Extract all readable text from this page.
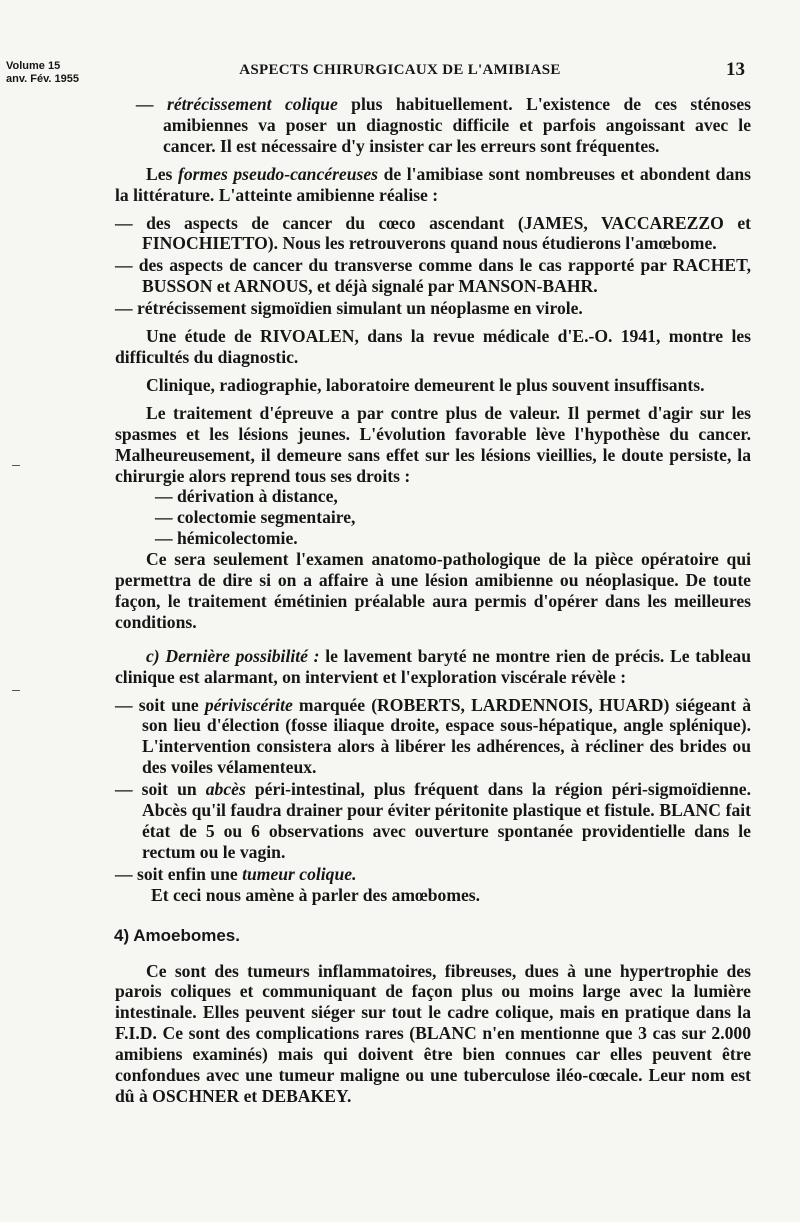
Volume 15
anv. Fév. 1955
ASPECTS CHIRURGICAUX DE L'AMIBIASE	13
— rétrécissement colique plus habituellement. L'existence de ces sténoses amibiennes va poser un diagnostic difficile et parfois angoissant avec le cancer. Il est nécessaire d'y insister car les erreurs sont fréquentes.
Les formes pseudo-cancéreuses de l'amibiase sont nombreuses et abondent dans la littérature. L'atteinte amibienne réalise :
— des aspects de cancer du cœco ascendant (JAMES, VACCAREZZO et FINOCHIETTO). Nous les retrouverons quand nous étudierons l'amœbome.
— des aspects de cancer du transverse comme dans le cas rapporté par RACHET, BUSSON et ARNOUS, et déjà signalé par MANSON-BAHR.
— rétrécissement sigmoïdien simulant un néoplasme en virole.
Une étude de RIVOALEN, dans la revue médicale d'E.-O. 1941, montre les difficultés du diagnostic.
Clinique, radiographie, laboratoire demeurent le plus souvent insuffisants.
Le traitement d'épreuve a par contre plus de valeur. Il permet d'agir sur les spasmes et les lésions jeunes. L'évolution favorable lève l'hypothèse du cancer. Malheureusement, il demeure sans effet sur les lésions vieillies, le doute persiste, la chirurgie alors reprend tous ses droits :
— dérivation à distance,
— colectomie segmentaire,
— hémicolectomie.
Ce sera seulement l'examen anatomo-pathologique de la pièce opératoire qui permettra de dire si on a affaire à une lésion amibienne ou néoplasique. De toute façon, le traitement émétinien préalable aura permis d'opérer dans les meilleures conditions.
c) Dernière possibilité : le lavement baryté ne montre rien de précis. Le tableau clinique est alarmant, on intervient et l'exploration viscérale révèle :
— soit une périviscérite marquée (ROBERTS, LARDENNOIS, HUARD) siégeant à son lieu d'élection (fosse iliaque droite, espace sous-hépatique, angle splénique). L'intervention consistera alors à libérer les adhérences, à récliner des brides ou des voiles vélamenteux.
— soit un abcès péri-intestinal, plus fréquent dans la région péri-sigmoïdienne. Abcès qu'il faudra drainer pour éviter péritonite plastique et fistule. BLANC fait état de 5 ou 6 observations avec ouverture spontanée providentielle dans le rectum ou le vagin.
— soit enfin une tumeur colique.
Et ceci nous amène à parler des amœbomes.
4) Amoebomes.
Ce sont des tumeurs inflammatoires, fibreuses, dues à une hypertrophie des parois coliques et communiquant de façon plus ou moins large avec la lumière intestinale. Elles peuvent siéger sur tout le cadre colique, mais en pratique dans la F.I.D. Ce sont des complications rares (BLANC n'en mentionne que 3 cas sur 2.000 amibiens examinés) mais qui doivent être bien connues car elles peuvent être confondues avec une tumeur maligne ou une tuberculose iléo-cœcale. Leur nom est dû à OSCHNER et DEBAKEY.
